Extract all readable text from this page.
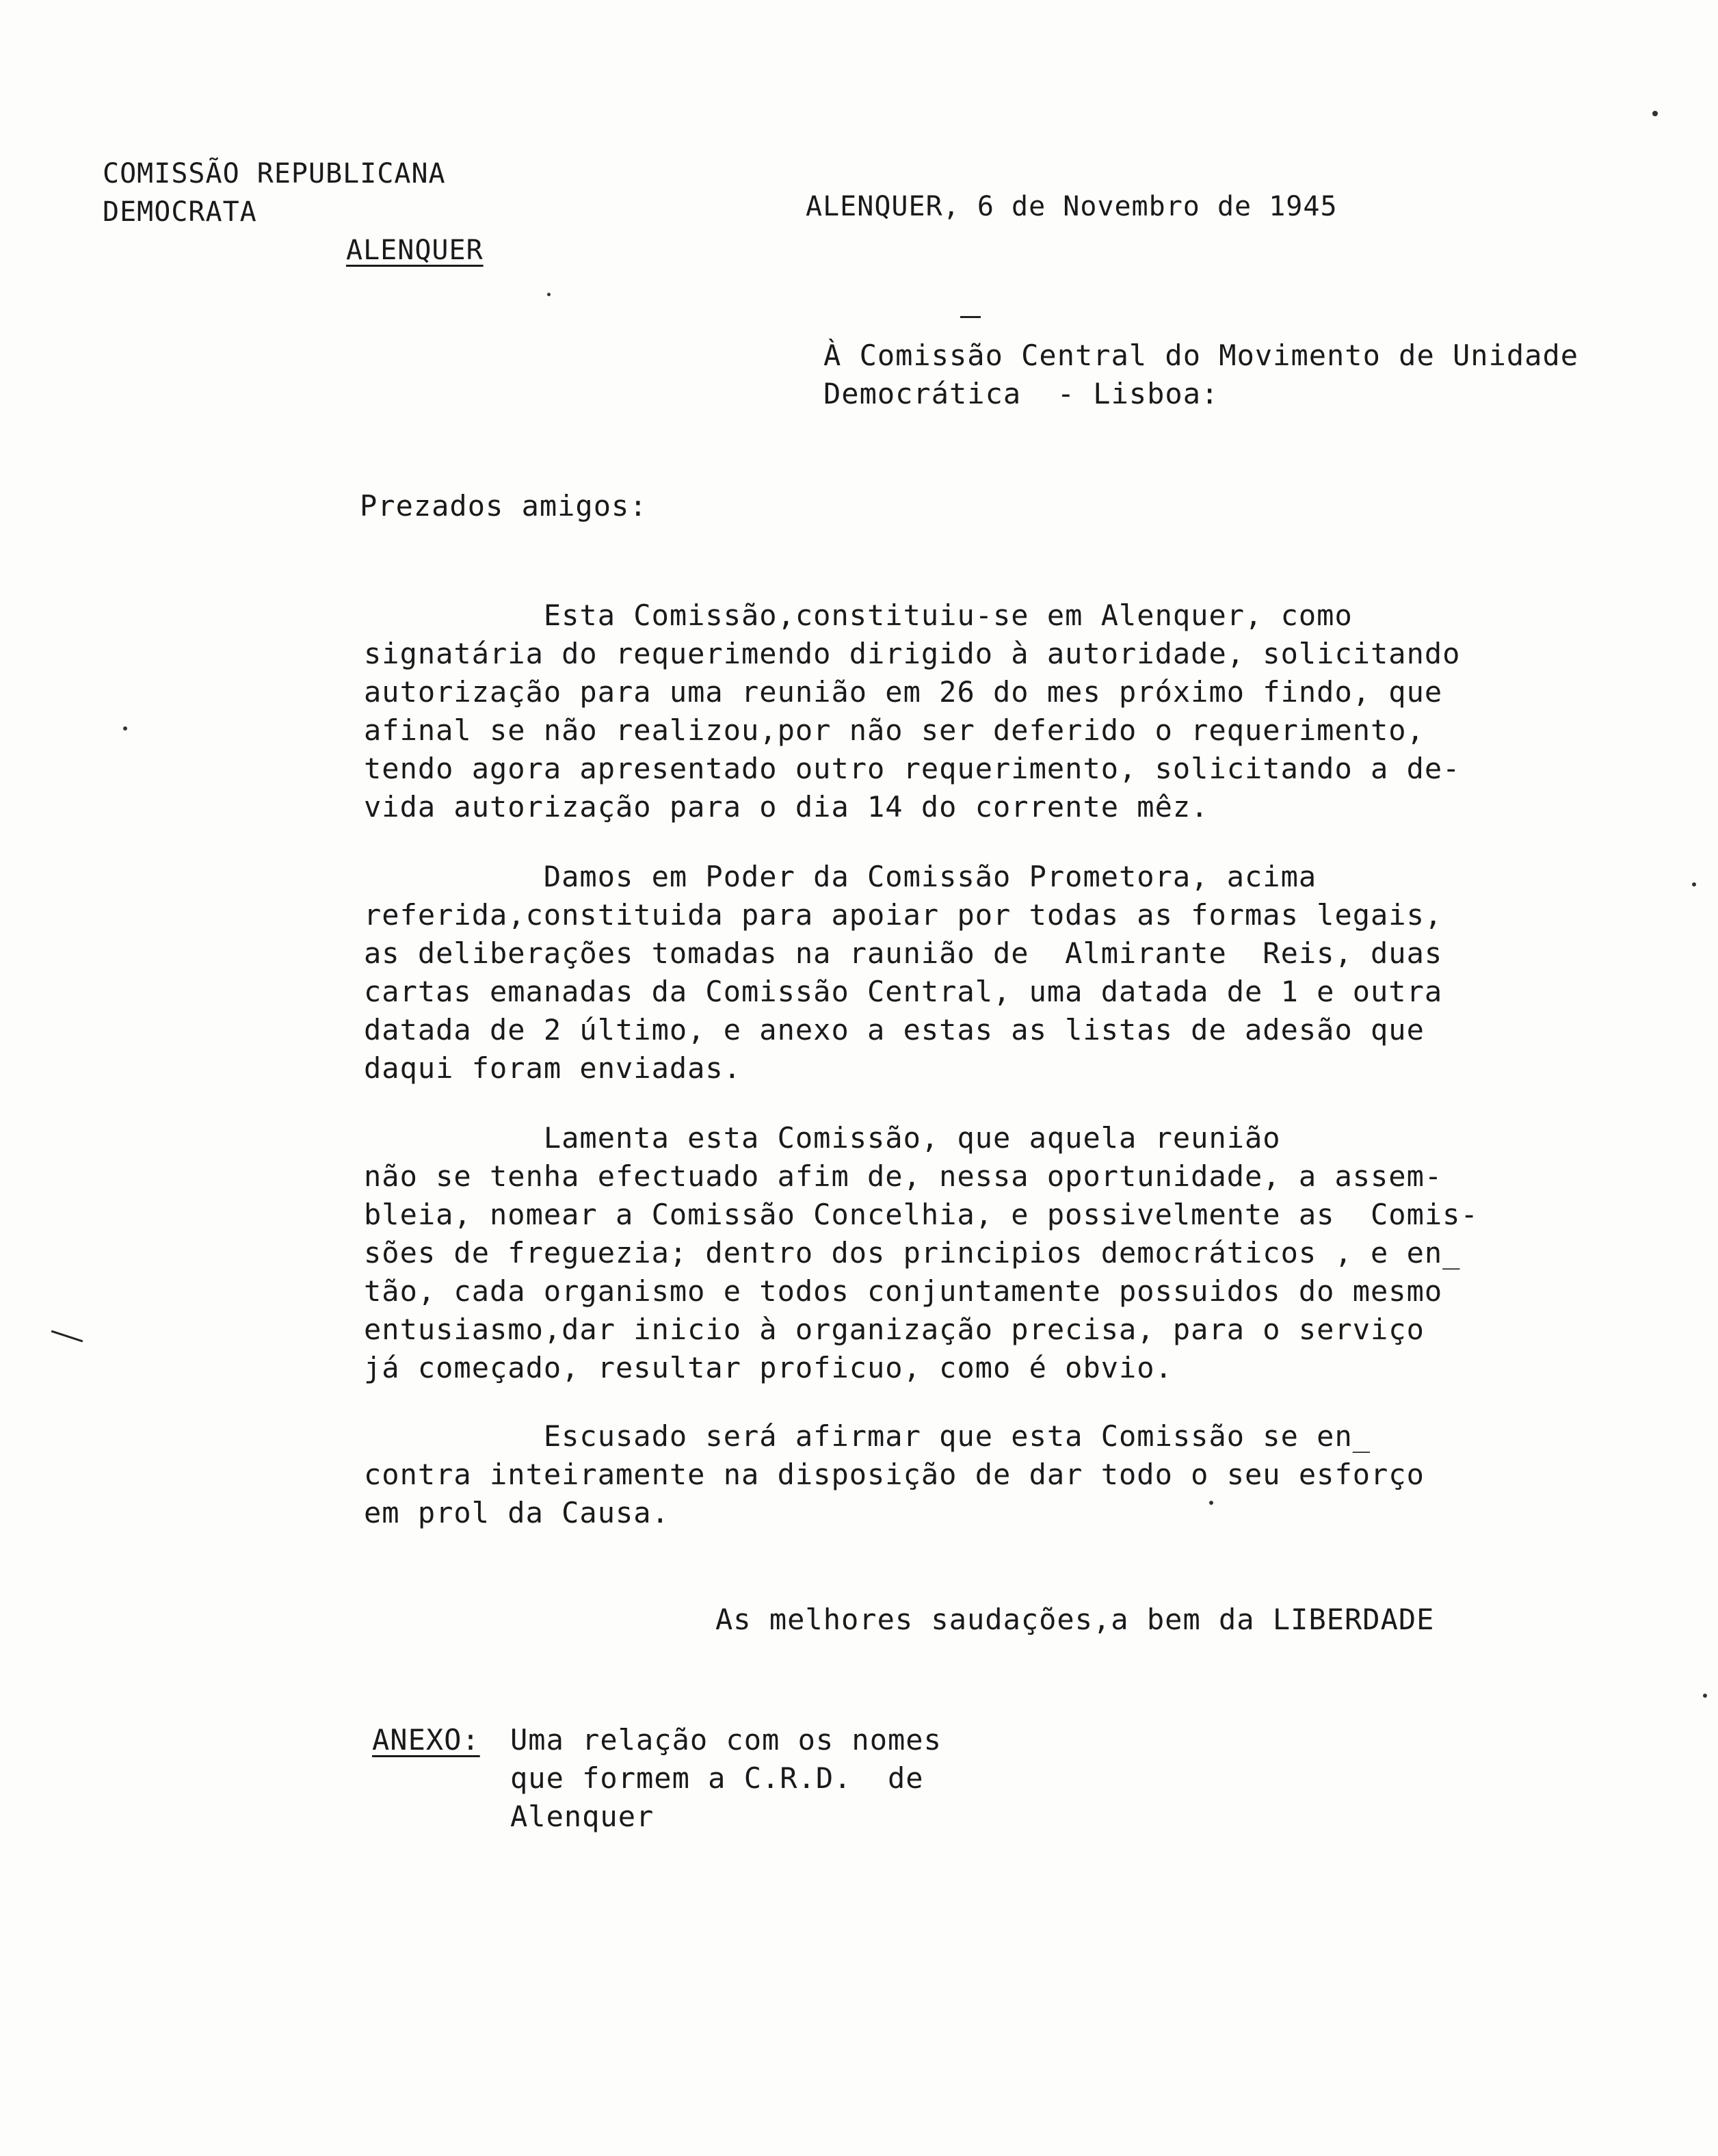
COMISSÃO REPUBLICANA
DEMOCRATA
ALENQUER
ALENQUER, 6 de Novembro de 1945
À Comissão Central do Movimento de Unidade
Democrática  - Lisboa:
Prezados amigos:
Esta Comissão,constituiu-se em Alenquer, como
signatária do requerimendo dirigido à autoridade, solicitando
autorização para uma reunião em 26 do mes próximo findo, que
afinal se não realizou,por não ser deferido o requerimento,
tendo agora apresentado outro requerimento, solicitando a de-
vida autorização para o dia 14 do corrente mêz.
Damos em Poder da Comissão Prometora, acima
referida,constituida para apoiar por todas as formas legais,
as deliberações tomadas na raunião de  Almirante  Reis, duas
cartas emanadas da Comissão Central, uma datada de 1 e outra
datada de 2 último, e anexo a estas as listas de adesão que
daqui foram enviadas.
Lamenta esta Comissão, que aquela reunião
não se tenha efectuado afim de, nessa oportunidade, a assem-
bleia, nomear a Comissão Concelhia, e possivelmente as  Comis-
sões de freguezia; dentro dos principios democráticos , e en_
tão, cada organismo e todos conjuntamente possuidos do mesmo
entusiasmo,dar inicio à organização precisa, para o serviço
já começado, resultar proficuo, como é obvio.
Escusado será afirmar que esta Comissão se en_
contra inteiramente na disposição de dar todo o seu esforço
em prol da Causa.
As melhores saudações,a bem da LIBERDADE
ANEXO: Uma relação com os nomes
que formem a C.R.D.  de
Alenquer
